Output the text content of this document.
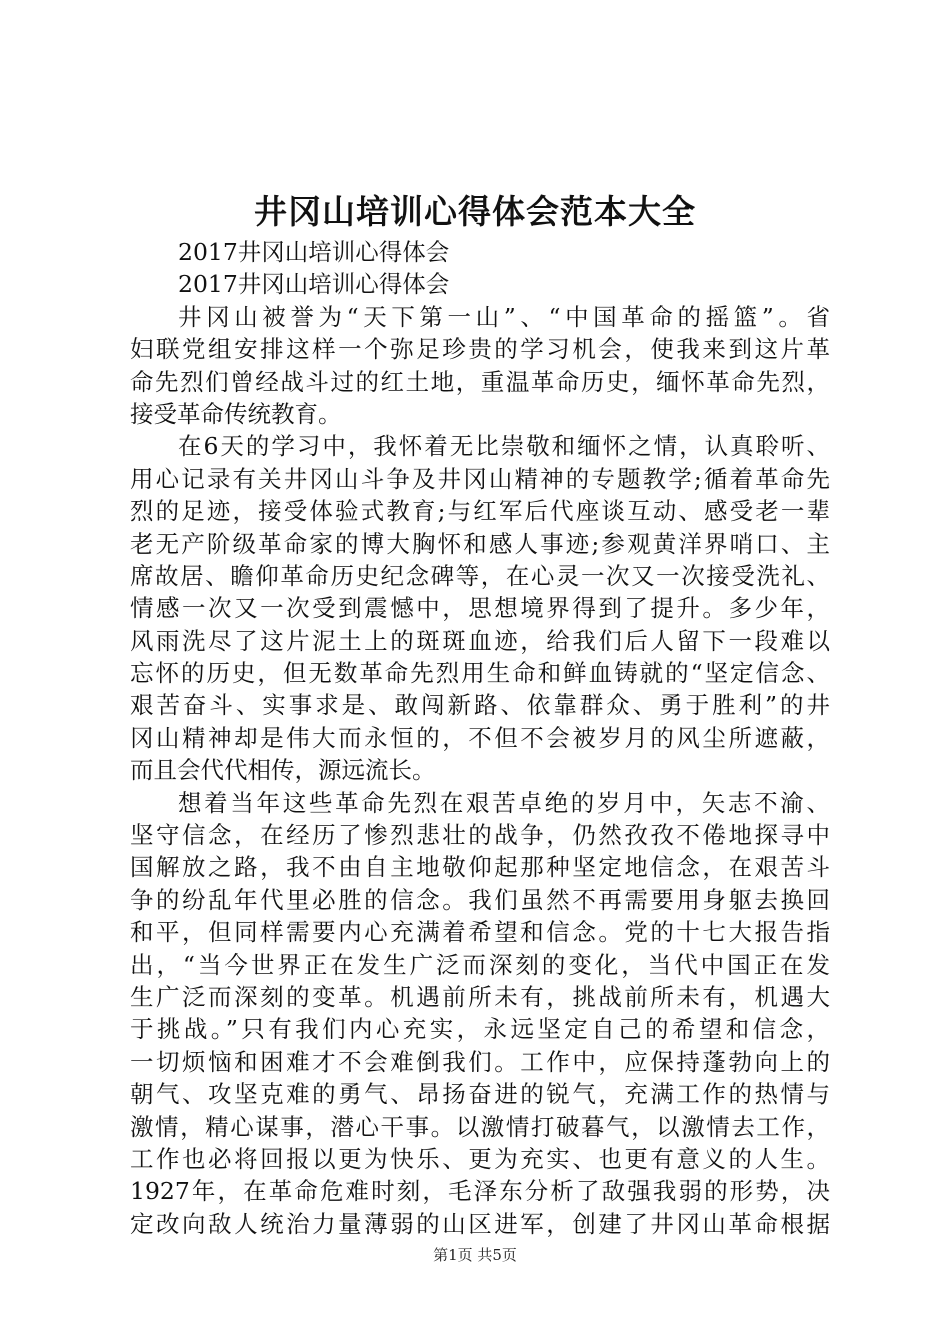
井冈山培训心得体会范本大全
2017井冈山培训心得体会
2017井冈山培训心得体会
井冈山被誉为“天下第一山”、“中国革命的摇篮”。省
妇联党组安排这样一个弥足珍贵的学习机会，使我来到这片革
命先烈们曾经战斗过的红土地，重温革命历史，缅怀革命先烈，
接受革命传统教育。
在6天的学习中，我怀着无比崇敬和缅怀之情，认真聆听、
用心记录有关井冈山斗争及井冈山精神的专题教学;循着革命先
烈的足迹，接受体验式教育;与红军后代座谈互动、感受老一辈
老无产阶级革命家的博大胸怀和感人事迹;参观黄洋界哨口、主
席故居、瞻仰革命历史纪念碑等，在心灵一次又一次接受洗礼、
情感一次又一次受到震憾中，思想境界得到了提升。多少年，
风雨洗尽了这片泥土上的斑斑血迹，给我们后人留下一段难以
忘怀的历史，但无数革命先烈用生命和鲜血铸就的“坚定信念、
艰苦奋斗、实事求是、敢闯新路、依靠群众、勇于胜利”的井
冈山精神却是伟大而永恒的，不但不会被岁月的风尘所遮蔽，
而且会代代相传，源远流长。
想着当年这些革命先烈在艰苦卓绝的岁月中，矢志不渝、
坚守信念，在经历了惨烈悲壮的战争，仍然孜孜不倦地探寻中
国解放之路，我不由自主地敬仰起那种坚定地信念，在艰苦斗
争的纷乱年代里必胜的信念。我们虽然不再需要用身躯去换回
和平，但同样需要内心充满着希望和信念。党的十七大报告指
出，“当今世界正在发生广泛而深刻的变化，当代中国正在发
生广泛而深刻的变革。机遇前所未有，挑战前所未有，机遇大
于挑战。”只有我们内心充实，永远坚定自己的希望和信念，
一切烦恼和困难才不会难倒我们。工作中，应保持蓬勃向上的
朝气、攻坚克难的勇气、昂扬奋进的锐气，充满工作的热情与
激情，精心谋事，潜心干事。以激情打破暮气，以激情去工作，
工作也必将回报以更为快乐、更为充实、也更有意义的人生。
1927年，在革命危难时刻，毛泽东分析了敌强我弱的形势，决
定改向敌人统治力量薄弱的山区进军，创建了井冈山革命根据
第1页 共5页
